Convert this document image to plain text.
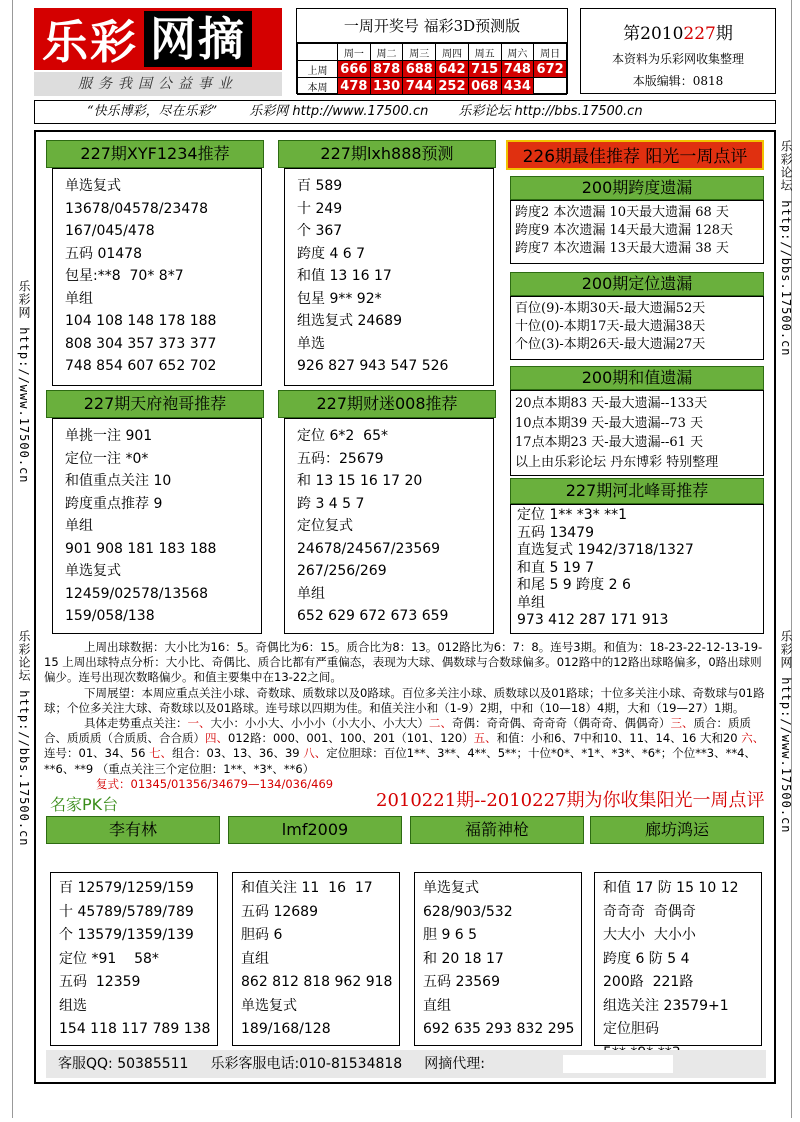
乐彩 网摘
服务我国公益事业
一周开奖号 福彩3D预测版
	周一	周二	周三	周四	周五	周六	周日
上周	666	878	688	642	715	748	672
本周	478	130	744	252	068	434	
第2010227期
本资料为乐彩网收集整理
本版编辑：0818
“快乐博彩，尽在乐彩” 乐彩网 http://www.17500.cn 乐彩论坛 http://bbs.17500.cn
乐彩网 http://www.17500.cn
乐彩论坛 http://bbs.17500.cn
乐彩论坛 http://bbs.17500.cn
乐彩网 http://www.17500.cn
227期XYF1234推荐
单选复式
13678/04578/23478
167/045/478
五码 01478
包星:**8  70* 8*7
单组
104 108 148 178 188
808 304 357 373 377
748 854 607 652 702
227期lxh888预测
百 589
十 249
个 367
跨度 4 6 7
和值 13 16 17
包星 9** 92*
组选复式 24689
单选
926 827 943 547 526
227期天府袍哥推荐
单挑一注 901
定位一注 *0*
和值重点关注 10
跨度重点推荐 9
单组
901 908 181 183 188
单选复式
12459/02578/13568
159/058/138
227期财迷008推荐
定位 6*2  65*
五码：25679
和 13 15 16 17 20
跨 3 4 5 7
定位复式
24678/24567/23569
267/256/269
单组
652 629 672 673 659
226期最佳推荐 阳光一周点评
200期跨度遗漏
跨度2 本次遗漏 10天最大遗漏 68 天
跨度9 本次遗漏 14天最大遗漏 128天
跨度7 本次遗漏 13天最大遗漏 38 天
200期定位遗漏
百位(9)-本期30天-最大遗漏52天
十位(0)-本期17天-最大遗漏38天
个位(3)-本期26天-最大遗漏27天
200期和值遗漏
20点本期83 天-最大遗漏--133天
10点本期39 天-最大遗漏--73 天
17点本期23 天-最大遗漏--61 天
以上由乐彩论坛 丹东博彩 特别整理
227期河北峰哥推荐
定位 1** *3* **1
五码 13479
直选复式 1942/3718/1327
和直 5 19 7
和尾 5 9 跨度 2 6
单组
973 412 287 171 913
上周出球数据：大小比为16：5。奇偶比为6：15。质合比为8：13。012路比为6：7：8。连号3期。和值为：18-23-22-12-13-19-15 上周出球特点分析：大小比、奇偶比、质合比都有严重偏态，表现为大球、偶数球与合数球偏多。012路中的12路出球略偏多，0路出球则偏少。连号出现次数略偏少。和值主要集中在13-22之间。
下周展望：本周应重点关注小球、奇数球、质数球以及0路球。百位多关注小球、质数球以及01路球；十位多关注小球、奇数球与01路球；个位多关注大球、奇数球以及01路球。连号球以四期为佳。和值关注小和（1-9）2期，中和（10—18）4期，大和（19—27）1期。
具体走势重点关注：一、大小：小小大、小小小（小大小、小大大）二、奇偶：奇奇偶、奇奇奇（偶奇奇、偶偶奇）三、质合：质质合、质质质（合质质、合合质）四、012路：000、001、100、201（101、120）五、和值：小和6、7中和10、11、14、16 大和20 六、连号：01、34、56 七、组合：03、13、36、39 八、定位胆球：百位1**、3**、4**、5**；十位*0*、*1*、*3*、*6*；个位**3、**4、**6、**9 （重点关注三个定位胆：1**、*3*、**6）
复式：01345/01356/34679—134/036/469
名家PK台	2010221期--2010227期为你收集阳光一周点评
李有林
百 12579/1259/159
十 45789/5789/789
个 13579/1359/139
定位 *91    58*
五码  12359
组选
154 118 117 789 138
lmf2009
和值关注 11  16  17
五码 12689
胆码 6
直组
862 812 818 962 918
单选复式
189/168/128
福箭神枪
单选复式
628/903/532
胆 9 6 5
和 20 18 17
五码 23569
直组
692 635 293 832 295
廊坊鸿运
和值 17 防 15 10 12
奇奇奇  奇偶奇
大大小  大小小
跨度 6 防 5 4
200路  221路
组选关注 23579+1
定位胆码

客服QQ: 50385511 乐彩客服电话:010-81534818 网摘代理:
